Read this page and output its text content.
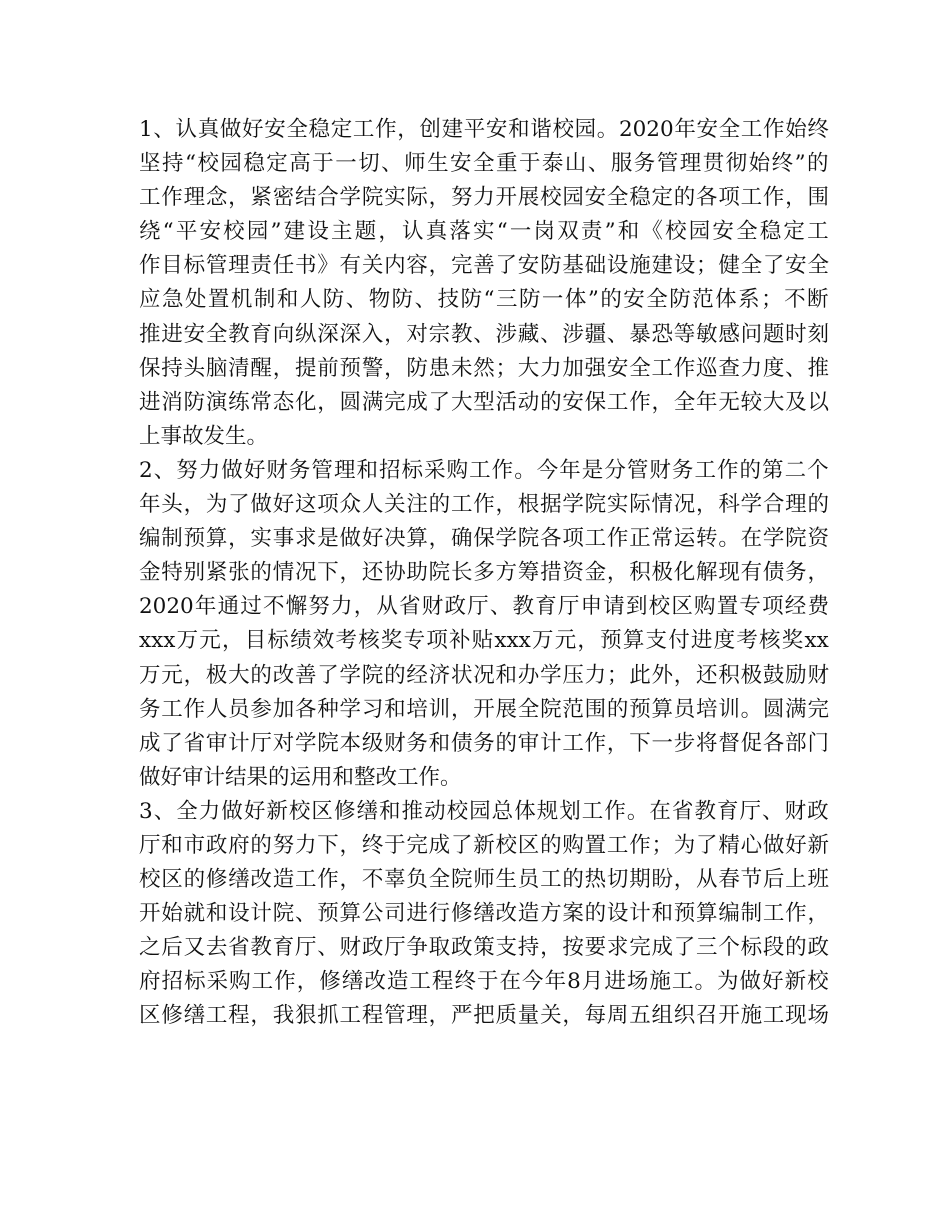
1 、 认 真 做 好 安 全 稳 定 工 作 ， 创 建 平 安 和 谐 校 园 。 2020 年 安 全 工 作 始 终
坚 持 “ 校 园 稳 定 高 于 一 切 、 师 生 安 全 重 于 泰 山 、 服 务 管 理 贯 彻 始 终 ” 的
工 作 理 念 ， 紧 密 结 合 学 院 实 际 ， 努 力 开 展 校 园 安 全 稳 定 的 各 项 工 作 ， 围
绕 “ 平 安 校 园 ” 建 设 主 题 ， 认 真 落 实 “ 一 岗 双 责 ” 和 《 校 园 安 全 稳 定 工
作 目 标 管 理 责 任 书 》 有 关 内 容 ， 完 善 了 安 防 基 础 设 施 建 设 ； 健 全 了 安 全
应 急 处 置 机 制 和 人 防 、 物 防 、 技 防 “ 三 防 一 体 ” 的 安 全 防 范 体 系 ； 不 断
推 进 安 全 教 育 向 纵 深 深 入 ， 对 宗 教 、 涉 藏 、 涉 疆 、 暴 恐 等 敏 感 问 题 时 刻
保 持 头 脑 清 醒 ， 提 前 预 警 ， 防 患 未 然 ； 大 力 加 强 安 全 工 作 巡 查 力 度 、 推
进 消 防 演 练 常 态 化 ， 圆 满 完 成 了 大 型 活 动 的 安 保 工 作 ， 全 年 无 较 大 及 以
上事故发生。
2 、 努 力 做 好 财 务 管 理 和 招 标 采 购 工 作 。 今 年 是 分 管 财 务 工 作 的 第 二 个
年 头 ， 为 了 做 好 这 项 众 人 关 注 的 工 作 ， 根 据 学 院 实 际 情 况 ， 科 学 合 理 的
编 制 预 算 ， 实 事 求 是 做 好 决 算 ， 确 保 学 院 各 项 工 作 正 常 运 转 。 在 学 院 资
金 特 别 紧 张 的 情 况 下 ， 还 协 助 院 长 多 方 筹 措 资 金 ， 积 极 化 解 现 有 债 务 ，
2020 年 通 过 不 懈 努 力 ， 从 省 财 政 厅 、 教 育 厅 申 请 到 校 区 购 置 专 项 经 费
xxx 万 元 ， 目 标 绩 效 考 核 奖 专 项 补 贴 xxx 万 元 ， 预 算 支 付 进 度 考 核 奖 xx
万 元 ， 极 大 的 改 善 了 学 院 的 经 济 状 况 和 办 学 压 力 ； 此 外 ， 还 积 极 鼓 励 财
务 工 作 人 员 参 加 各 种 学 习 和 培 训 ， 开 展 全 院 范 围 的 预 算 员 培 训 。 圆 满 完
成 了 省 审 计 厅 对 学 院 本 级 财 务 和 债 务 的 审 计 工 作 ， 下 一 步 将 督 促 各 部 门
做好审计结果的运用和整改工作。
3 、 全 力 做 好 新 校 区 修 缮 和 推 动 校 园 总 体 规 划 工 作 。 在 省 教 育 厅 、 财 政
厅 和 市 政 府 的 努 力 下 ， 终 于 完 成 了 新 校 区 的 购 置 工 作 ； 为 了 精 心 做 好 新
校 区 的 修 缮 改 造 工 作 ， 不 辜 负 全 院 师 生 员 工 的 热 切 期 盼 ， 从 春 节 后 上 班
开 始 就 和 设 计 院 、 预 算 公 司 进 行 修 缮 改 造 方 案 的 设 计 和 预 算 编 制 工 作 ，
之 后 又 去 省 教 育 厅 、 财 政 厅 争 取 政 策 支 持 ， 按 要 求 完 成 了 三 个 标 段 的 政
府 招 标 采 购 工 作 ， 修 缮 改 造 工 程 终 于 在 今 年 8 月 进 场 施 工 。 为 做 好 新 校
区 修 缮 工 程 ， 我 狠 抓 工 程 管 理 ， 严 把 质 量 关 ， 每 周 五 组 织 召 开 施 工 现 场
